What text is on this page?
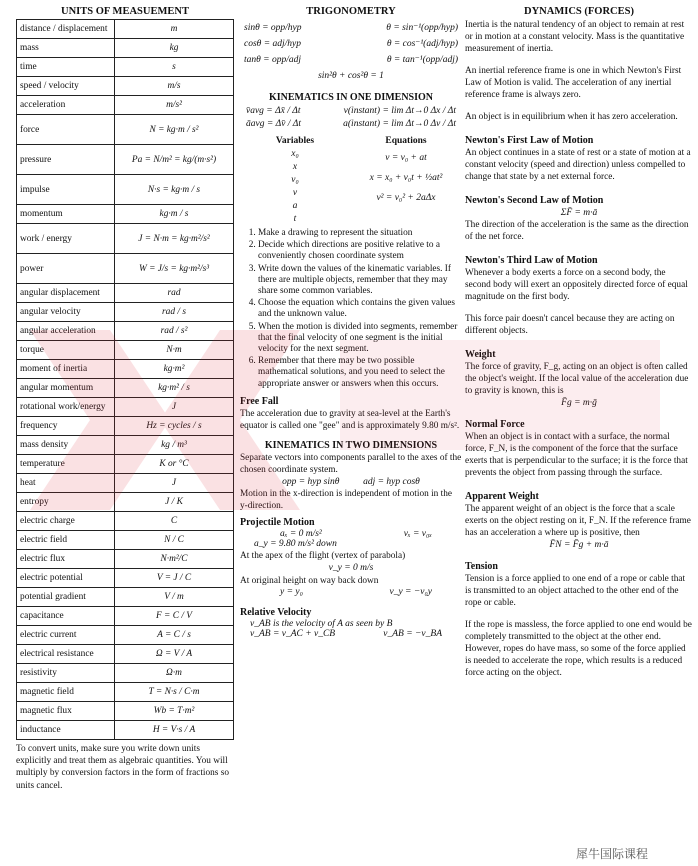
UNITS OF MEASUEMENT
distance / displacement	m
mass	kg
time	s
speed / velocity	m/s
acceleration	m/s²
force	N = kg·m / s²
pressure	Pa = N/m² = kg/(m·s²)
impulse	N·s = kg·m / s
momentum	kg·m / s
work / energy	J = N·m = kg·m²/s²
power	W = J/s = kg·m²/s³
angular displacement	rad
angular velocity	rad / s
angular acceleration	rad / s²
torque	N·m
moment of inertia	kg·m²
angular momentum	kg·m² / s
rotational work/energy	J
frequency	Hz = cycles / s
mass density	kg / m³
temperature	K or °C
heat	J
entropy	J / K
electric charge	C
electric field	N / C
electric flux	N·m²/C
electric potential	V = J / C
potential gradient	V / m
capacitance	F = C / V
electric current	A = C / s
electrical resistance	Ω = V / A
resistivity	Ω·m
magnetic field	T = N·s / C·m
magnetic flux	Wb = T·m²
inductance	H = V·s / A
To convert units, make sure you write down units explicitly and treat them as algebraic quantities. You will multiply by conversion factors in the form of fractions so units cancel.
TRIGONOMETRY
sinθ = opp/hyp	θ = sin⁻¹(opp/hyp)
cosθ = adj/hyp	θ = cos⁻¹(adj/hyp)
tanθ = opp/adj	θ = tan⁻¹(opp/adj)
sin²θ + cos²θ = 1
KINEMATICS IN ONE DIMENSION
v̄avg = Δx̄ / Δt	v(instant) = lim Δt→0 Δx / Δt
āavg = Δv̄ / Δt	a(instant) = lim Δt→0 Δv / Δt
Variables
x₀
x
v₀
v
a
t
Equations
v = v₀ + at
x = x₀ + v₀t + ½at²
v² = v₀² + 2aΔx
1. Make a drawing to represent the situation
2. Decide which directions are positive relative to a conveniently chosen coordinate system
3. Write down the values of the kinematic variables. If there are multiple objects, remember that they may share some common variables.
4. Choose the equation which contains the given values and the unknown value.
5. When the motion is divided into segments, remember that the final velocity of one segment is the initial velocity for the next segment.
6. Remember that there may be two possible mathematical solutions, and you need to select the appropriate answer or answers when this occurs.
Free Fall

The acceleration due to gravity at sea-level at the Earth's equator is called one "gee" and is approximately 9.80 m/s².

KINEMATICS IN TWO DIMENSIONS

Separate vectors into components parallel to the axes of the chosen coordinate system.

opp = hyp sinθ          adj = hyp cosθ

Motion in the x-direction is independent of motion in the y-direction.

Projectile Motion
aₓ = 0 m/s²	vₓ = v₀ₓ
a_y = 9.80 m/s² down

At the apex of the flight (vertex of parabola)

v_y = 0 m/s

At original height on way back down

y = y₀	v_y = −v₀y
Relative Velocity
v_AB is the velocity of A as seen by B
v_AB = v_AC + v_CB	v_AB = −v_BA
DYNAMICS (FORCES)

Inertia is the natural tendency of an object to remain at rest or in motion at a constant velocity. Mass is the quantitative measurement of inertia.

An inertial reference frame is one in which Newton's First Law of Motion is valid. The acceleration of any inertial reference frame is always zero.

An object is in equilibrium when it has zero acceleration.

Newton's First Law of Motion

An object continues in a state of rest or a state of motion at a constant velocity (speed and direction) unless compelled to change that state by a net external force.

Newton's Second Law of Motion
ΣF̄ = m·ā

The direction of the acceleration is the same as the direction of the net force.

Newton's Third Law of Motion

Whenever a body exerts a force on a second body, the second body will exert an oppositely directed force of equal magnitude on the first body.

This force pair doesn't cancel because they are acting on different objects.

Weight

The force of gravity, F_g, acting on an object is often called the object's weight. If the local value of the acceleration due to gravity is known, this is

F̄g = m·ḡ
Normal Force

When an object is in contact with a surface, the normal force, F_N, is the component of the force that the surface exerts that is perpendicular to the surface; it is the force that prevents the object from passing through the surface.

Apparent Weight

The apparent weight of an object is the force that a scale exerts on the object resting on it, F_N. If the reference frame has an acceleration a where up is positive, then

F̄N = F̄g + m·ā
Tension

Tension is a force applied to one end of a rope or cable that is transmitted to an object attached to the other end of the rope or cable.

If the rope is massless, the force applied to one end would be completely transmitted to the object at the other end. However, ropes do have mass, so some of the force applied is needed to accelerate the rope, which results is a reduced force acting on the object.

犀牛国际课程
